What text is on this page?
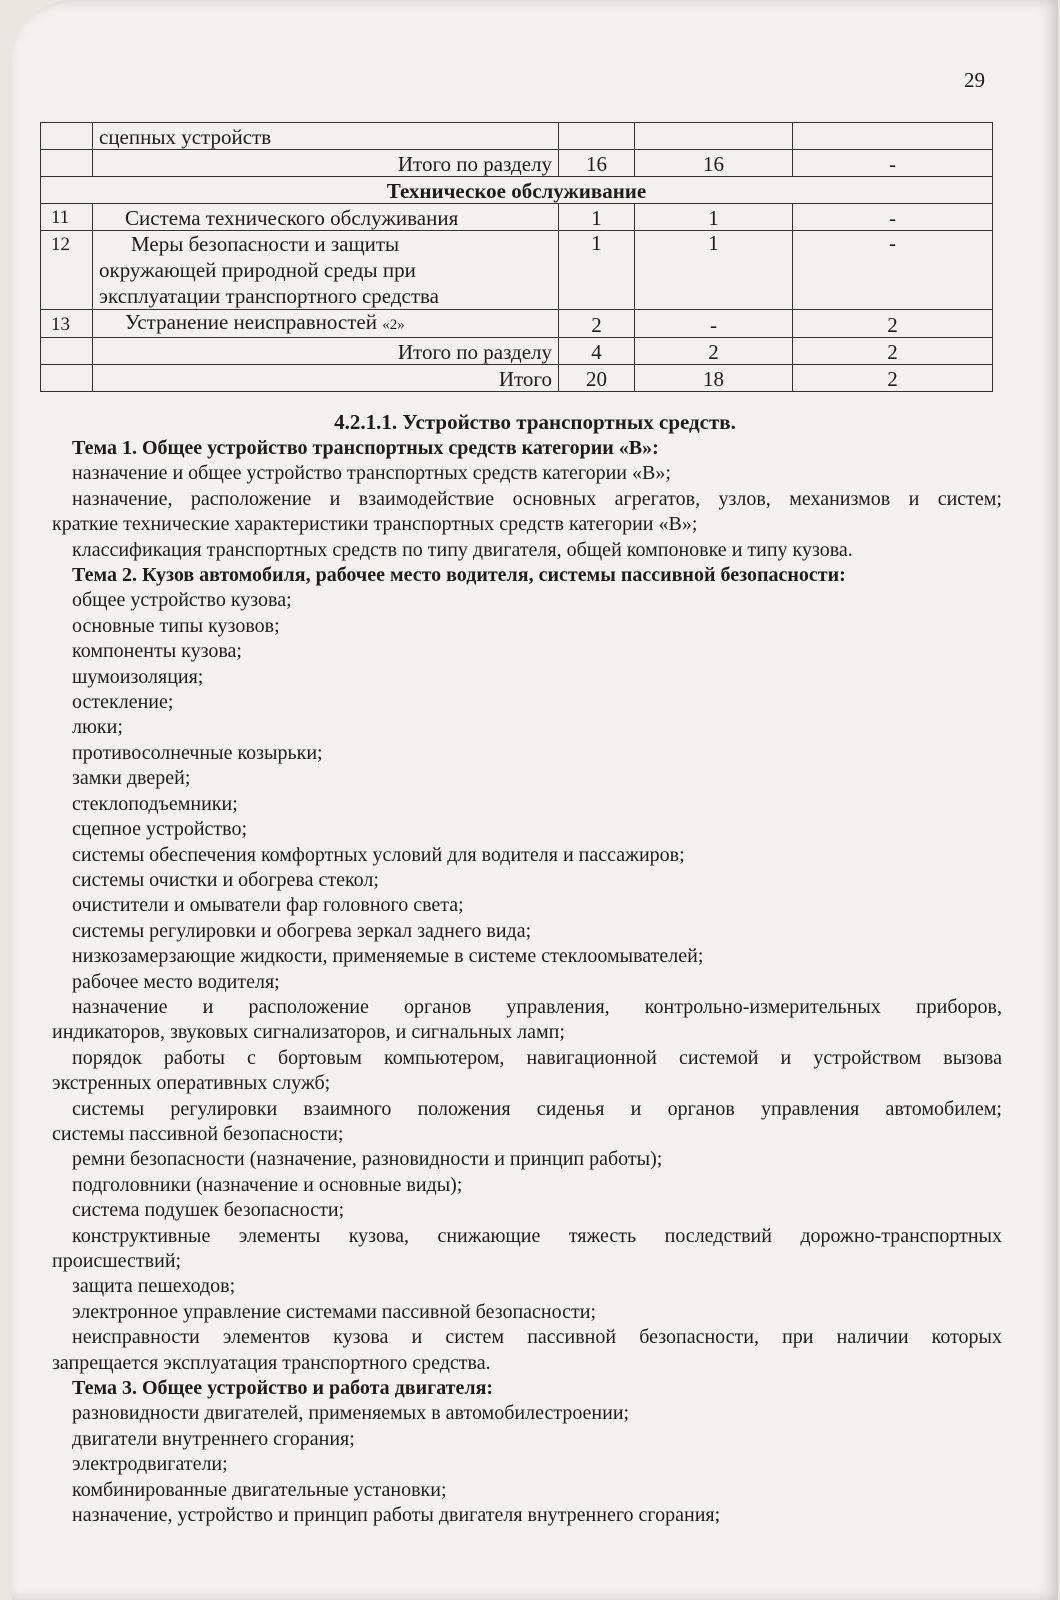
29
	сцепных устройств			
	Итого по разделу	16	16	-
Техническое обслуживание				
11	Система технического обслуживания	1	1	-
12	Меры безопасности и защиты
окружающей природной среды при
эксплуатации транспортного средства	1	1	-
13	Устранение неисправностей «2»	2	-	2
	Итого по разделу	4	2	2
	Итого	20	18	2
4.2.1.1. Устройство транспортных средств.

Тема 1. Общее устройство транспортных средств категории «В»:

назначение и общее устройство транспортных средств категории «В»;

назначение, расположение и взаимодействие основных агрегатов, узлов, механизмов и систем;

краткие технические характеристики транспортных средств категории «В»;

классификация транспортных средств по типу двигателя, общей компоновке и типу кузова.

Тема 2. Кузов автомобиля, рабочее место водителя, системы пассивной безопасности:

общее устройство кузова;

основные типы кузовов;

компоненты кузова;

шумоизоляция;

остекление;

люки;

противосолнечные козырьки;

замки дверей;

стеклоподъемники;

сцепное устройство;

системы обеспечения комфортных условий для водителя и пассажиров;

системы очистки и обогрева стекол;

очистители и омыватели фар головного света;

системы регулировки и обогрева зеркал заднего вида;

низкозамерзающие жидкости, применяемые в системе стеклоомывателей;

рабочее место водителя;

назначение и расположение органов управления, контрольно-измерительных приборов,

индикаторов, звуковых сигнализаторов, и сигнальных ламп;

порядок работы с бортовым компьютером, навигационной системой и устройством вызова

экстренных оперативных служб;

системы регулировки взаимного положения сиденья и органов управления автомобилем;

системы пассивной безопасности;

ремни безопасности (назначение, разновидности и принцип работы);

подголовники (назначение и основные виды);

система подушек безопасности;

конструктивные элементы кузова, снижающие тяжесть последствий дорожно-транспортных

происшествий;

защита пешеходов;

электронное управление системами пассивной безопасности;

неисправности элементов кузова и систем пассивной безопасности, при наличии которых

запрещается эксплуатация транспортного средства.

Тема 3. Общее устройство и работа двигателя:

разновидности двигателей, применяемых в автомобилестроении;

двигатели внутреннего сгорания;

электродвигатели;

комбинированные двигательные установки;

назначение, устройство и принцип работы двигателя внутреннего сгорания;
